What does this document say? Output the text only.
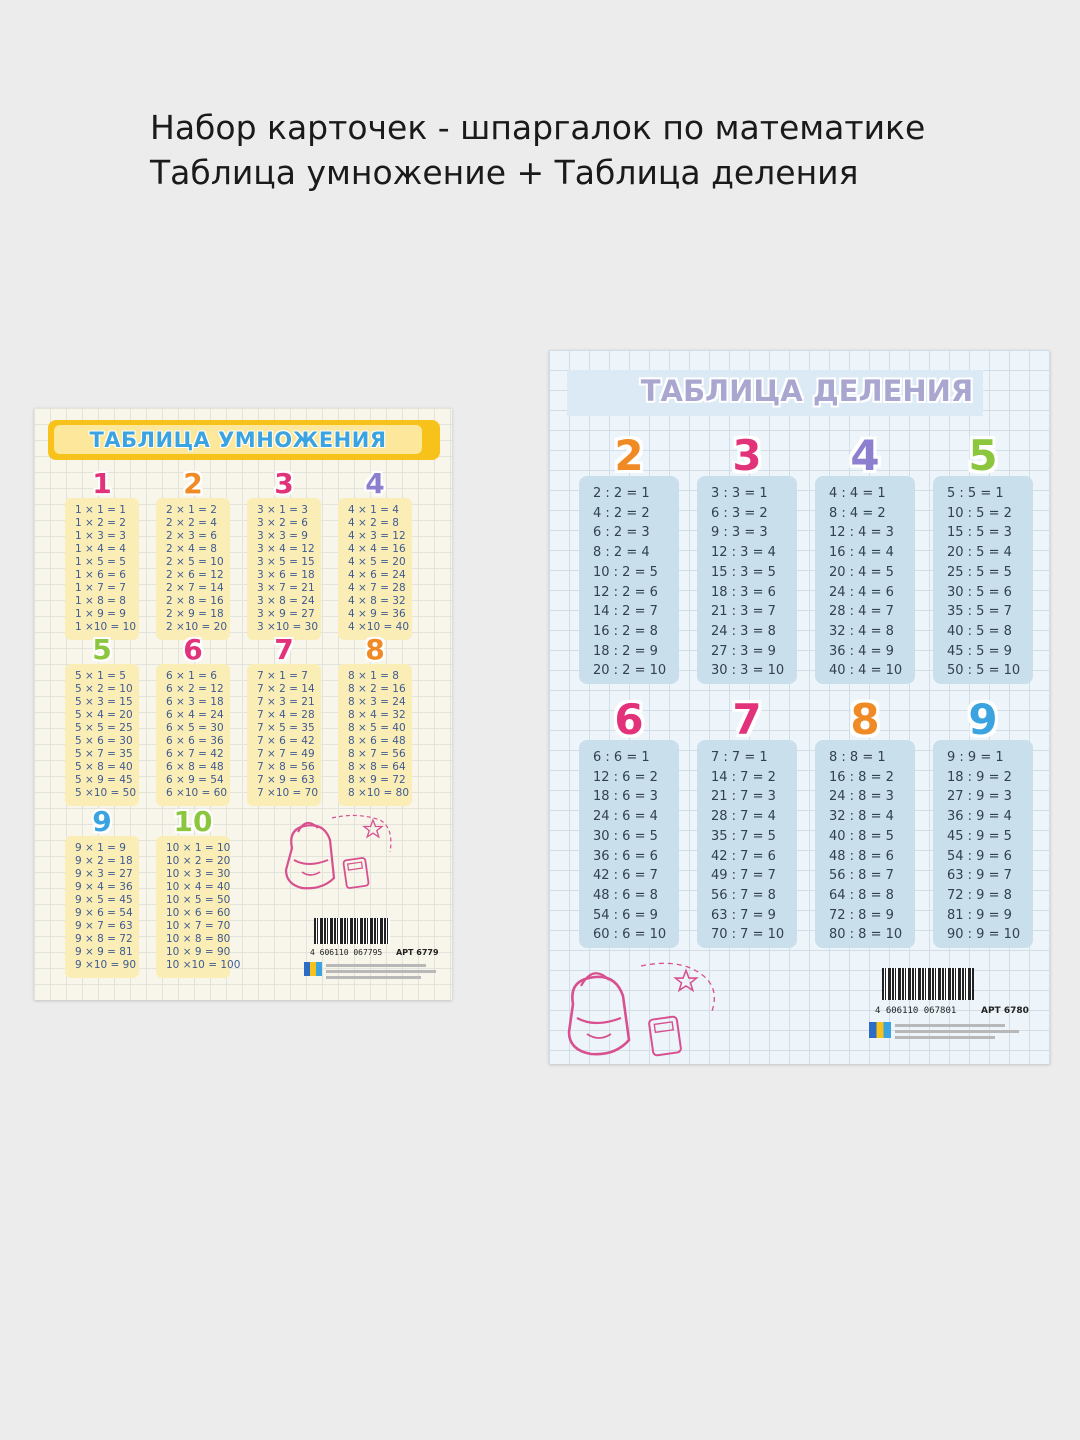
Набор карточек - шпаргалок по математике
Таблица умножение + Таблица деления
ТАБЛИЦА УМНОЖЕНИЯ
1 × 1 = 1
1 × 2 = 2
1 × 3 = 3
1 × 4 = 4
1 × 5 = 5
1 × 6 = 6
1 × 7 = 7
1 × 8 = 8
1 × 9 = 9
1 ×10 = 10
1
2 × 1 = 2
2 × 2 = 4
2 × 3 = 6
2 × 4 = 8
2 × 5 = 10
2 × 6 = 12
2 × 7 = 14
2 × 8 = 16
2 × 9 = 18
2 ×10 = 20
2
3 × 1 = 3
3 × 2 = 6
3 × 3 = 9
3 × 4 = 12
3 × 5 = 15
3 × 6 = 18
3 × 7 = 21
3 × 8 = 24
3 × 9 = 27
3 ×10 = 30
3
4 × 1 = 4
4 × 2 = 8
4 × 3 = 12
4 × 4 = 16
4 × 5 = 20
4 × 6 = 24
4 × 7 = 28
4 × 8 = 32
4 × 9 = 36
4 ×10 = 40
4
5 × 1 = 5
5 × 2 = 10
5 × 3 = 15
5 × 4 = 20
5 × 5 = 25
5 × 6 = 30
5 × 7 = 35
5 × 8 = 40
5 × 9 = 45
5 ×10 = 50
5
6 × 1 = 6
6 × 2 = 12
6 × 3 = 18
6 × 4 = 24
6 × 5 = 30
6 × 6 = 36
6 × 7 = 42
6 × 8 = 48
6 × 9 = 54
6 ×10 = 60
6
7 × 1 = 7
7 × 2 = 14
7 × 3 = 21
7 × 4 = 28
7 × 5 = 35
7 × 6 = 42
7 × 7 = 49
7 × 8 = 56
7 × 9 = 63
7 ×10 = 70
7
8 × 1 = 8
8 × 2 = 16
8 × 3 = 24
8 × 4 = 32
8 × 5 = 40
8 × 6 = 48
8 × 7 = 56
8 × 8 = 64
8 × 9 = 72
8 ×10 = 80
8
9 × 1 = 9
9 × 2 = 18
9 × 3 = 27
9 × 4 = 36
9 × 5 = 45
9 × 6 = 54
9 × 7 = 63
9 × 8 = 72
9 × 9 = 81
9 ×10 = 90
9
10 × 1 = 10
10 × 2 = 20
10 × 3 = 30
10 × 4 = 40
10 × 5 = 50
10 × 6 = 60
10 × 7 = 70
10 × 8 = 80
10 × 9 = 90
10 ×10 = 100
10
4 606110 067795 АРТ 6779
ТАБЛИЦА ДЕЛЕНИЯ
2 : 2 = 1
4 : 2 = 2
6 : 2 = 3
8 : 2 = 4
10 : 2 = 5
12 : 2 = 6
14 : 2 = 7
16 : 2 = 8
18 : 2 = 9
20 : 2 = 10
2
3 : 3 = 1
6 : 3 = 2
9 : 3 = 3
12 : 3 = 4
15 : 3 = 5
18 : 3 = 6
21 : 3 = 7
24 : 3 = 8
27 : 3 = 9
30 : 3 = 10
3
4 : 4 = 1
8 : 4 = 2
12 : 4 = 3
16 : 4 = 4
20 : 4 = 5
24 : 4 = 6
28 : 4 = 7
32 : 4 = 8
36 : 4 = 9
40 : 4 = 10
4
5 : 5 = 1
10 : 5 = 2
15 : 5 = 3
20 : 5 = 4
25 : 5 = 5
30 : 5 = 6
35 : 5 = 7
40 : 5 = 8
45 : 5 = 9
50 : 5 = 10
5
6 : 6 = 1
12 : 6 = 2
18 : 6 = 3
24 : 6 = 4
30 : 6 = 5
36 : 6 = 6
42 : 6 = 7
48 : 6 = 8
54 : 6 = 9
60 : 6 = 10
6
7 : 7 = 1
14 : 7 = 2
21 : 7 = 3
28 : 7 = 4
35 : 7 = 5
42 : 7 = 6
49 : 7 = 7
56 : 7 = 8
63 : 7 = 9
70 : 7 = 10
7
8 : 8 = 1
16 : 8 = 2
24 : 8 = 3
32 : 8 = 4
40 : 8 = 5
48 : 8 = 6
56 : 8 = 7
64 : 8 = 8
72 : 8 = 9
80 : 8 = 10
8
9 : 9 = 1
18 : 9 = 2
27 : 9 = 3
36 : 9 = 4
45 : 9 = 5
54 : 9 = 6
63 : 9 = 7
72 : 9 = 8
81 : 9 = 9
90 : 9 = 10
9
4 606110 067801	АРТ 6780
